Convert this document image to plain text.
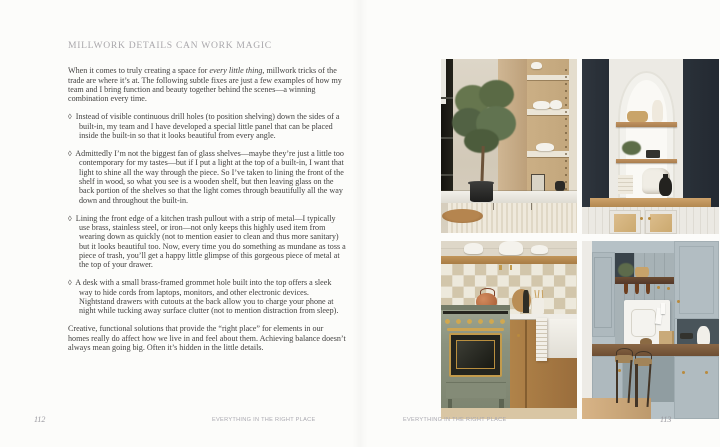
MILLWORK DETAILS CAN WORK MAGIC

When it comes to truly creating a space for every little thing, millwork tricks of the trade are where it’s at. The following subtle fixes are just a few examples of how my team and I bring function and beauty together behind the scenes—a winning combination every time.

◊ Instead of visible continuous drill holes (to position shelving) down the sides of a built-in, my team and I have developed a special little panel that can be placed inside the built-in so that it looks beautiful from every angle.

◊ Admittedly I’m not the biggest fan of glass shelves—maybe they’re just a little too contemporary for my tastes—but if I put a light at the top of a built-in, I want that light to shine all the way through the piece. So I’ve taken to lining the front of the shelf in wood, so what you see is a wooden shelf, but then leaving glass on the back portion of the shelves so that the light comes through beautifully all the way down and throughout the built-in.

◊ Lining the front edge of a kitchen trash pullout with a strip of metal—I typically use brass, stainless steel, or iron—not only keeps this highly used item from wearing down as quickly (not to mention easier to clean and thus more sanitary) but it looks beautiful too. Now, every time you do something as mundane as toss a piece of trash, you’ll get a happy little glimpse of this gorgeous piece of metal at the top of your drawer.

◊ A desk with a small brass-framed grommet hole built into the top offers a sleek way to hide cords from laptops, monitors, and other electronic devices. Nightstand drawers with cutouts at the back allow you to charge your phone at night while tucking away surface clutter (not to mention distraction from sleep).

Creative, functional solutions that provide the “right place” for elements in our homes really do affect how we live in and feel about them. Achieving balance doesn’t always mean going big. Often it’s hidden in the little details.

112	EVERYTHING IN THE RIGHT PLACE	EVERYTHING IN THE RIGHT PLACE	113
